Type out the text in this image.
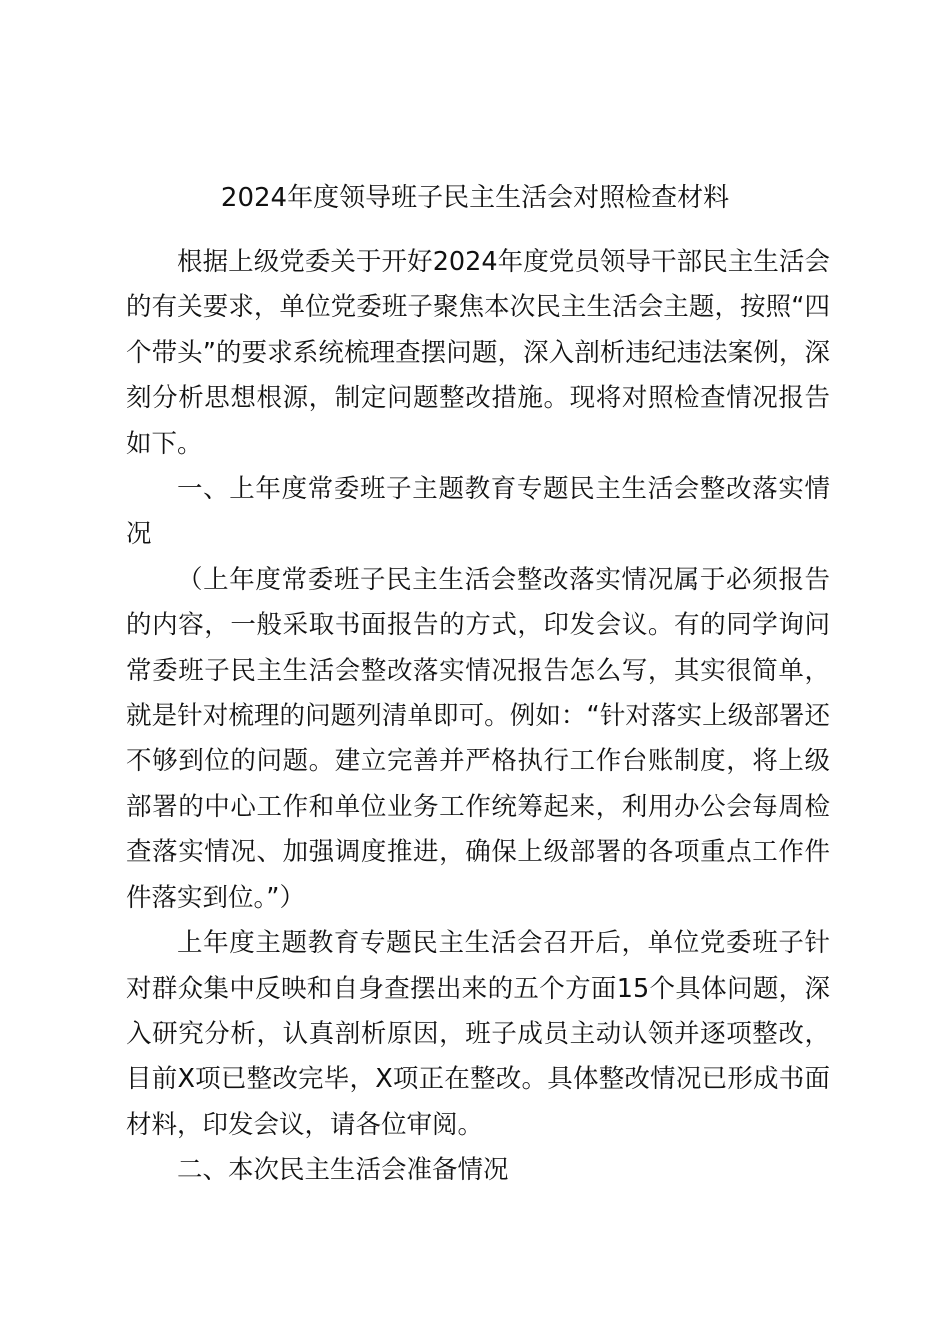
2024年度领导班子民主生活会对照检查材料

根据上级党委关于开好2024年度党员领导干部民主生活会的有关要求，单位党委班子聚焦本次民主生活会主题，按照“四个带头”的要求系统梳理查摆问题，深入剖析违纪违法案例，深刻分析思想根源，制定问题整改措施。现将对照检查情况报告如下。

一、上年度常委班子主题教育专题民主生活会整改落实情况

（上年度常委班子民主生活会整改落实情况属于必须报告的内容，一般采取书面报告的方式，印发会议。有的同学询问常委班子民主生活会整改落实情况报告怎么写，其实很简单，就是针对梳理的问题列清单即可。例如：“针对落实上级部署还不够到位的问题。建立完善并严格执行工作台账制度，将上级部署的中心工作和单位业务工作统筹起来，利用办公会每周检查落实情况、加强调度推进，确保上级部署的各项重点工作件件落实到位。”）

上年度主题教育专题民主生活会召开后，单位党委班子针对群众集中反映和自身查摆出来的五个方面15个具体问题，深入研究分析，认真剖析原因，班子成员主动认领并逐项整改，目前X项已整改完毕，X项正在整改。具体整改情况已形成书面材料，印发会议，请各位审阅。

二、本次民主生活会准备情况
